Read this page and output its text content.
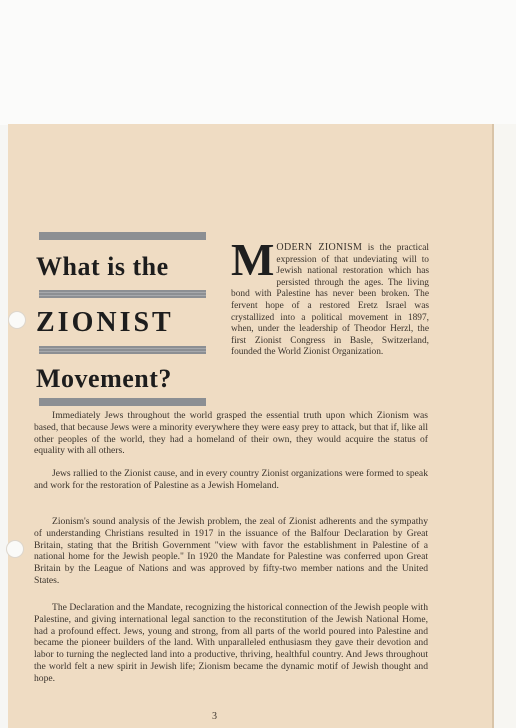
What is the
ZIONIST
Movement?
MODERN ZIONISM is the practical expression of that undeviating will to Jewish national restoration which has persisted through the ages. The living bond with Palestine has never been broken. The fervent hope of a restored Eretz Israel was crystallized into a political movement in 1897, when, under the leadership of Theodor Herzl, the first Zionist Congress in Basle, Switzerland, founded the World Zionist Organization.

Immediately Jews throughout the world grasped the essential truth upon which Zionism was based, that because Jews were a minority everywhere they were easy prey to attack, but that if, like all other peoples of the world, they had a homeland of their own, they would acquire the status of equality with all others.

Jews rallied to the Zionist cause, and in every country Zionist organizations were formed to speak and work for the restoration of Palestine as a Jewish Homeland.

Zionism's sound analysis of the Jewish problem, the zeal of Zionist adherents and the sympathy of understanding Christians resulted in 1917 in the issuance of the Balfour Declaration by Great Britain, stating that the British Government "view with favor the establishment in Palestine of a national home for the Jewish people." In 1920 the Mandate for Palestine was conferred upon Great Britain by the League of Nations and was approved by fifty-two member nations and the United States.

The Declaration and the Mandate, recognizing the historical connection of the Jewish people with Palestine, and giving international legal sanction to the reconstitution of the Jewish National Home, had a profound effect. Jews, young and strong, from all parts of the world poured into Palestine and became the pioneer builders of the land. With unparalleled enthusiasm they gave their devotion and labor to turning the neglected land into a productive, thriving, healthful country. And Jews throughout the world felt a new spirit in Jewish life; Zionism became the dynamic motif of Jewish thought and hope.

3
